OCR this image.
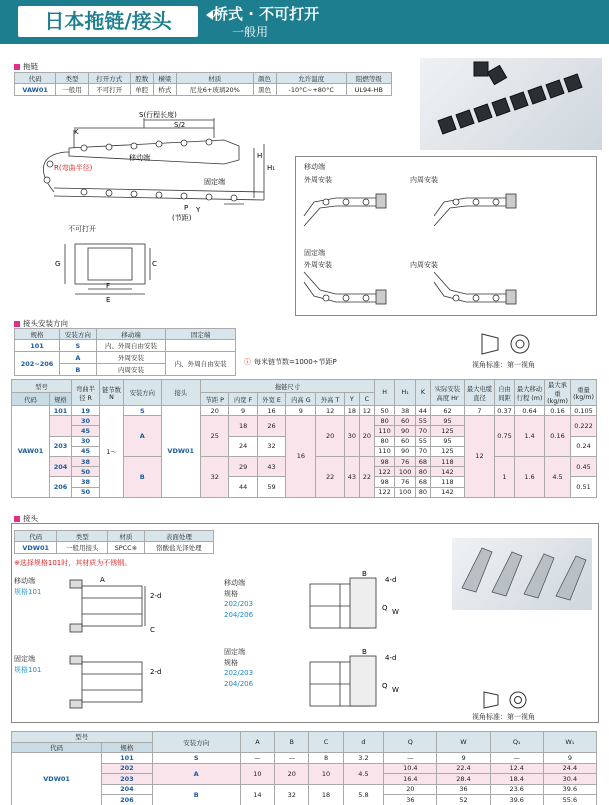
日本拖链/接头	桥式 · 不可打开
一般用
拖链
代码	类型	打开方式	腔数	横梁	材质	颜色	允许温度	阻燃等级
VAW01	一般用	不可打开	单腔	桥式	尼龙6+玻璃20%	黑色	-10°C~+80°C	UL94-HB
S(行程长度)
S/2
K
R(弯曲半径)
移动端
固定端
P
(节距)
Y
H
H₁
不可打开
C
F
E
G
移动端
外周安装	内周安装
固定端
外周安装	内周安装
接头安装方向
规格	安装方向	移动端	固定端
101	S	内、外周自由安装	
202~206	A	外周安装	内、外周自由安装
	B	内周安装	
ⓘ 每米链节数=1000÷节距P	视角标准：第一视角
型号		弯曲半径 R	链节数 N	安装方向	接头	拖链尺寸							H	H₁	K	实际安装高度 Hr	最大电缆直径	自由间距	最大移动行程 (m)	最大承重 (kg/m)	重量 (kg/m)
代码	规格					节距 P	内宽 F	外宽 E	内高 G	外高 T	Y	C									
VAW01	101	19	1～	S	VDW01	20	9	16	9	12	18	12	50	38	44	62	7	0.37	0.64	0.16	0.105
		30		A		25	18	26	16	20	30	20	80	60	55	95	12	0.75	1.4	0.16	0.222
		45											110	90	70	125					
	203	30					24	32					80	60	55	95					0.24
		45											110	90	70	125					
	204	38		B		32	29	43		22	43	22	98	76	68	118		1	1.6	4.5	0.45
		50											122	100	80	142					
	206	38					44	59					98	76	68	118					0.51
		50											122	100	80	142					
接头
代码	类型	材质	表面处理
VDW01	一般用接头	SPCC※	铬酸盐光泽处理
※选择规格101时，其材质为不锈钢。
移动端
规格101
固定端
规格101
移动端
规格
202/203
204/206
固定端
规格
202/203
204/206
2-d
A
C
2-d
B
4-d
Q W
B
4-d
Q W
视角标准：第一视角
型号		安装方向	A	B	C	d	Q	W	Q₁	W₁
代码	规格									
VDW01	101	S	—	—	8	3.2	—	9	—	9
	202	A	10	20	10	4.5	10.4	22.4	12.4	24.4
	203						16.4	28.4	18.4	30.4
	204	B	14	32	18	5.8	20	36	23.6	39.6
	206						36	52	39.6	55.6
